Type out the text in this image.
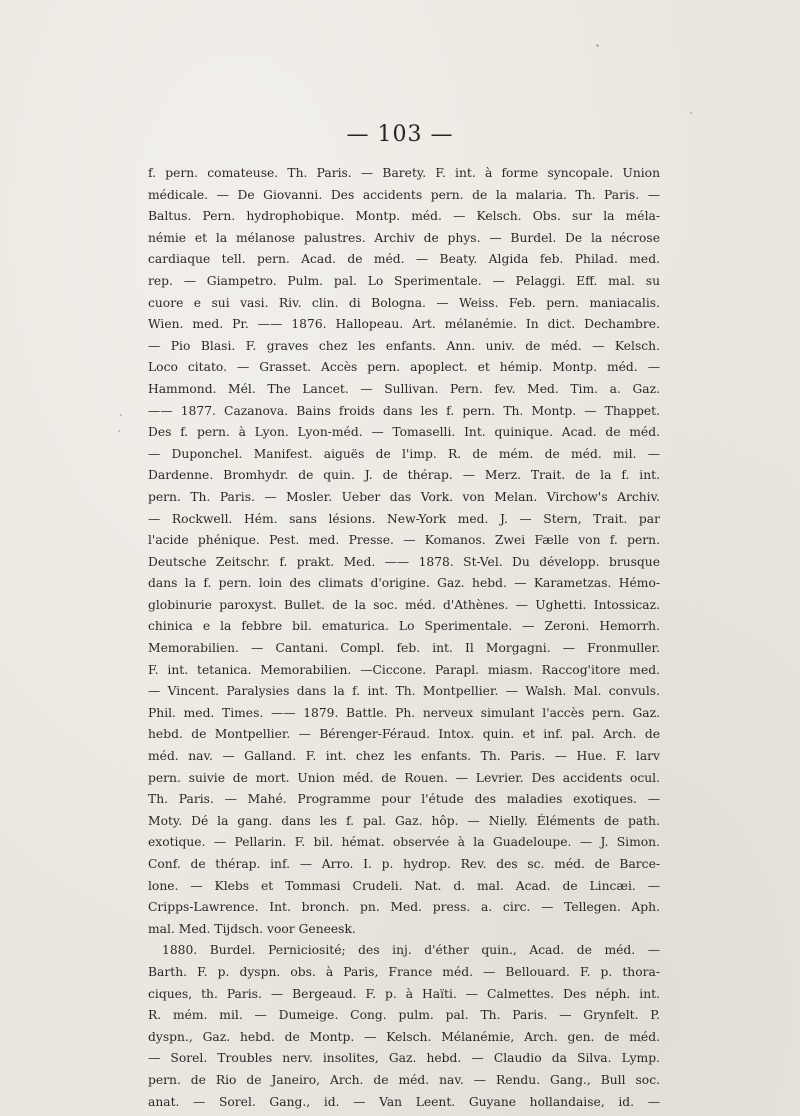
— 103 —
f. pern. comateuse. Th. Paris. — Barety. F. int. à forme syncopale. Union
médicale. — De Giovanni. Des accidents pern. de la malaria. Th. Paris. —
Baltus. Pern. hydrophobique. Montp. méd. — Kelsch. Obs. sur la méla-
némie et la mélanose palustres. Archiv de phys. — Burdel. De la nécrose
cardiaque tell. pern. Acad. de méd. — Beaty. Algida feb. Philad. med.
rep. — Giampetro. Pulm. pal. Lo Sperimentale. — Pelaggi. Eff. mal. su
cuore e sui vasi. Riv. clin. di Bologna. — Weiss. Feb. pern. maniacalis.
Wien. med. Pr. —— 1876. Hallopeau. Art. mélanémie. In dict. Dechambre.
— Pio Blasi. F. graves chez les enfants. Ann. univ. de méd. — Kelsch.
Loco citato. — Grasset. Accès pern. apoplect. et hémip. Montp. méd. —
Hammond. Mél. The Lancet. — Sullivan. Pern. fev. Med. Tim. a. Gaz.
—— 1877. Cazanova. Bains froids dans les f. pern. Th. Montp. — Thappet.
Des f. pern. à Lyon. Lyon-méd. — Tomaselli. Int. quinique. Acad. de méd.
— Duponchel. Manifest. aiguës de l'imp. R. de mém. de méd. mil. —
Dardenne. Bromhydr. de quin. J. de thérap. — Merz. Trait. de la f. int.
pern. Th. Paris. — Mosler. Ueber das Vork. von Melan. Virchow's Archiv.
— Rockwell. Hém. sans lésions. New-York med. J. — Stern, Trait. par
l'acide phénique. Pest. med. Presse. — Komanos. Zwei Fælle von f. pern.
Deutsche Zeitschr. f. prakt. Med. —— 1878. St-Vel. Du développ. brusque
dans la f. pern. loin des climats d'origine. Gaz. hebd. — Karametzas. Hémo-
globinurie paroxyst. Bullet. de la soc. méd. d'Athènes. — Ughetti. Intossicaz.
chinica e la febbre bil. ematurica. Lo Sperimentale. — Zeroni. Hemorrh.
Memorabilien. — Cantani. Compl. feb. int. Il Morgagni. — Fronmuller.
F. int. tetanica. Memorabilien. —Ciccone. Parapl. miasm. Raccog'itore med.
— Vincent. Paralysies dans la f. int. Th. Montpellier. — Walsh. Mal. convuls.
Phil. med. Times. —— 1879. Battle. Ph. nerveux simulant l'accès pern. Gaz.
hebd. de Montpellier. — Bérenger-Féraud. Intox. quin. et inf. pal. Arch. de
méd. nav. — Galland. F. int. chez les enfants. Th. Paris. — Hue. F. larv
pern. suivie de mort. Union méd. de Rouen. — Levrier. Des accidents ocul.
Th. Paris. — Mahé. Programme pour l'étude des maladies exotiques. —
Moty. Dé la gang. dans les f. pal. Gaz. hôp. — Nielly. Éléments de path.
exotique. — Pellarin. F. bil. hémat. observée à la Guadeloupe. — J. Simon.
Conf. de thérap. inf. — Arro. I. p. hydrop. Rev. des sc. méd. de Barce-
lone. — Klebs et Tommasi Crudeli. Nat. d. mal. Acad. de Lincæi. —
Cripps-Lawrence. Int. bronch. pn. Med. press. a. circ. — Tellegen. Aph.
mal. Med. Tijdsch. voor Geneesk.
1880. Burdel. Perniciosité; des inj. d'éther quin., Acad. de méd. —
Barth. F. p. dyspn. obs. à Paris, France méd. — Bellouard. F. p. thora-
ciques, th. Paris. — Bergeaud. F. p. à Haïti. — Calmettes. Des néph. int.
R. mém. mil. — Dumeige. Cong. pulm. pal. Th. Paris. — Grynfelt. P.
dyspn., Gaz. hebd. de Montp. — Kelsch. Mélanémie, Arch. gen. de méd.
— Sorel. Troubles nerv. insolites, Gaz. hebd. — Claudio da Silva. Lymp.
pern. de Rio de Janeiro, Arch. de méd. nav. — Rendu. Gang., Bull soc.
anat. — Sorel. Gang., id. — Van Leent. Guyane hollandaise, id. —
